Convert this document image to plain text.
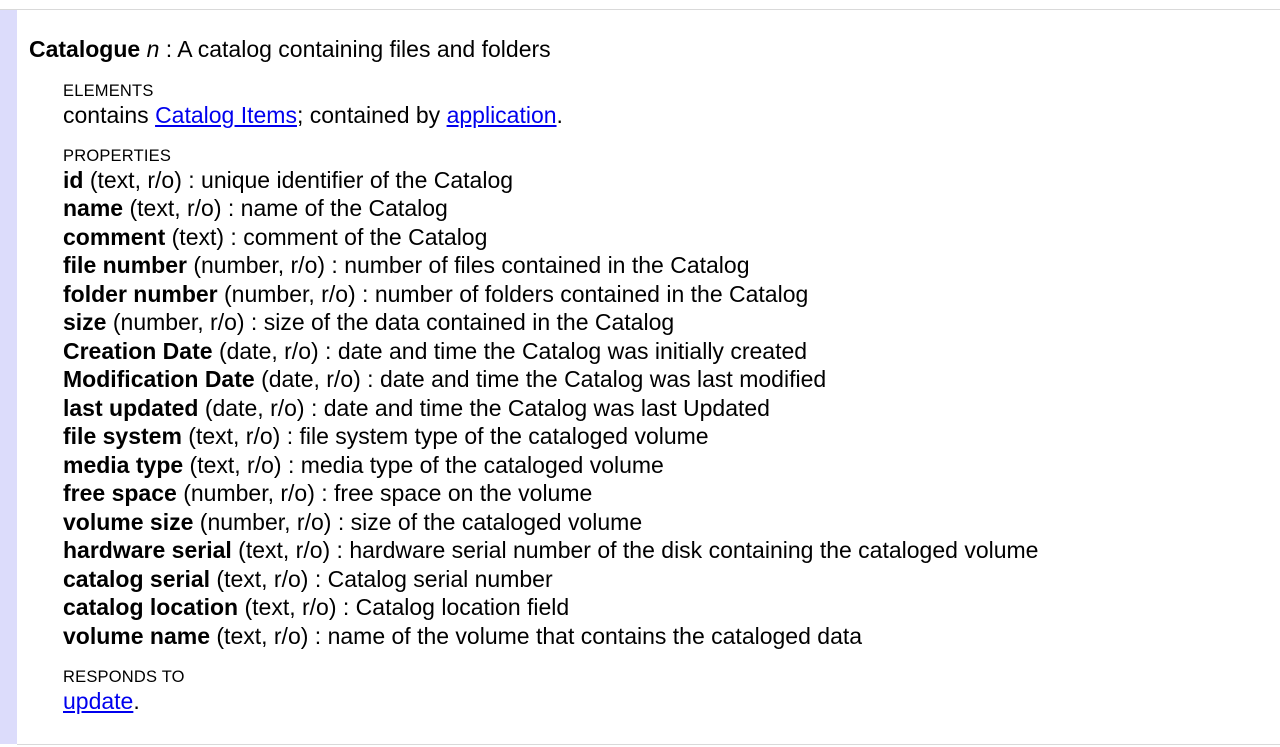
Catalogue n : A catalog containing files and folders
ELEMENTS
contains Catalog Items; contained by application.
PROPERTIES
id (text, r/o) : unique identifier of the Catalog
name (text, r/o) : name of the Catalog
comment (text) : comment of the Catalog
file number (number, r/o) : number of files contained in the Catalog
folder number (number, r/o) : number of folders contained in the Catalog
size (number, r/o) : size of the data contained in the Catalog
Creation Date (date, r/o) : date and time the Catalog was initially created
Modification Date (date, r/o) : date and time the Catalog was last modified
last updated (date, r/o) : date and time the Catalog was last Updated
file system (text, r/o) : file system type of the cataloged volume
media type (text, r/o) : media type of the cataloged volume
free space (number, r/o) : free space on the volume
volume size (number, r/o) : size of the cataloged volume
hardware serial (text, r/o) : hardware serial number of the disk containing the cataloged volume
catalog serial (text, r/o) : Catalog serial number
catalog location (text, r/o) : Catalog location field
volume name (text, r/o) : name of the volume that contains the cataloged data
RESPONDS TO
update.
